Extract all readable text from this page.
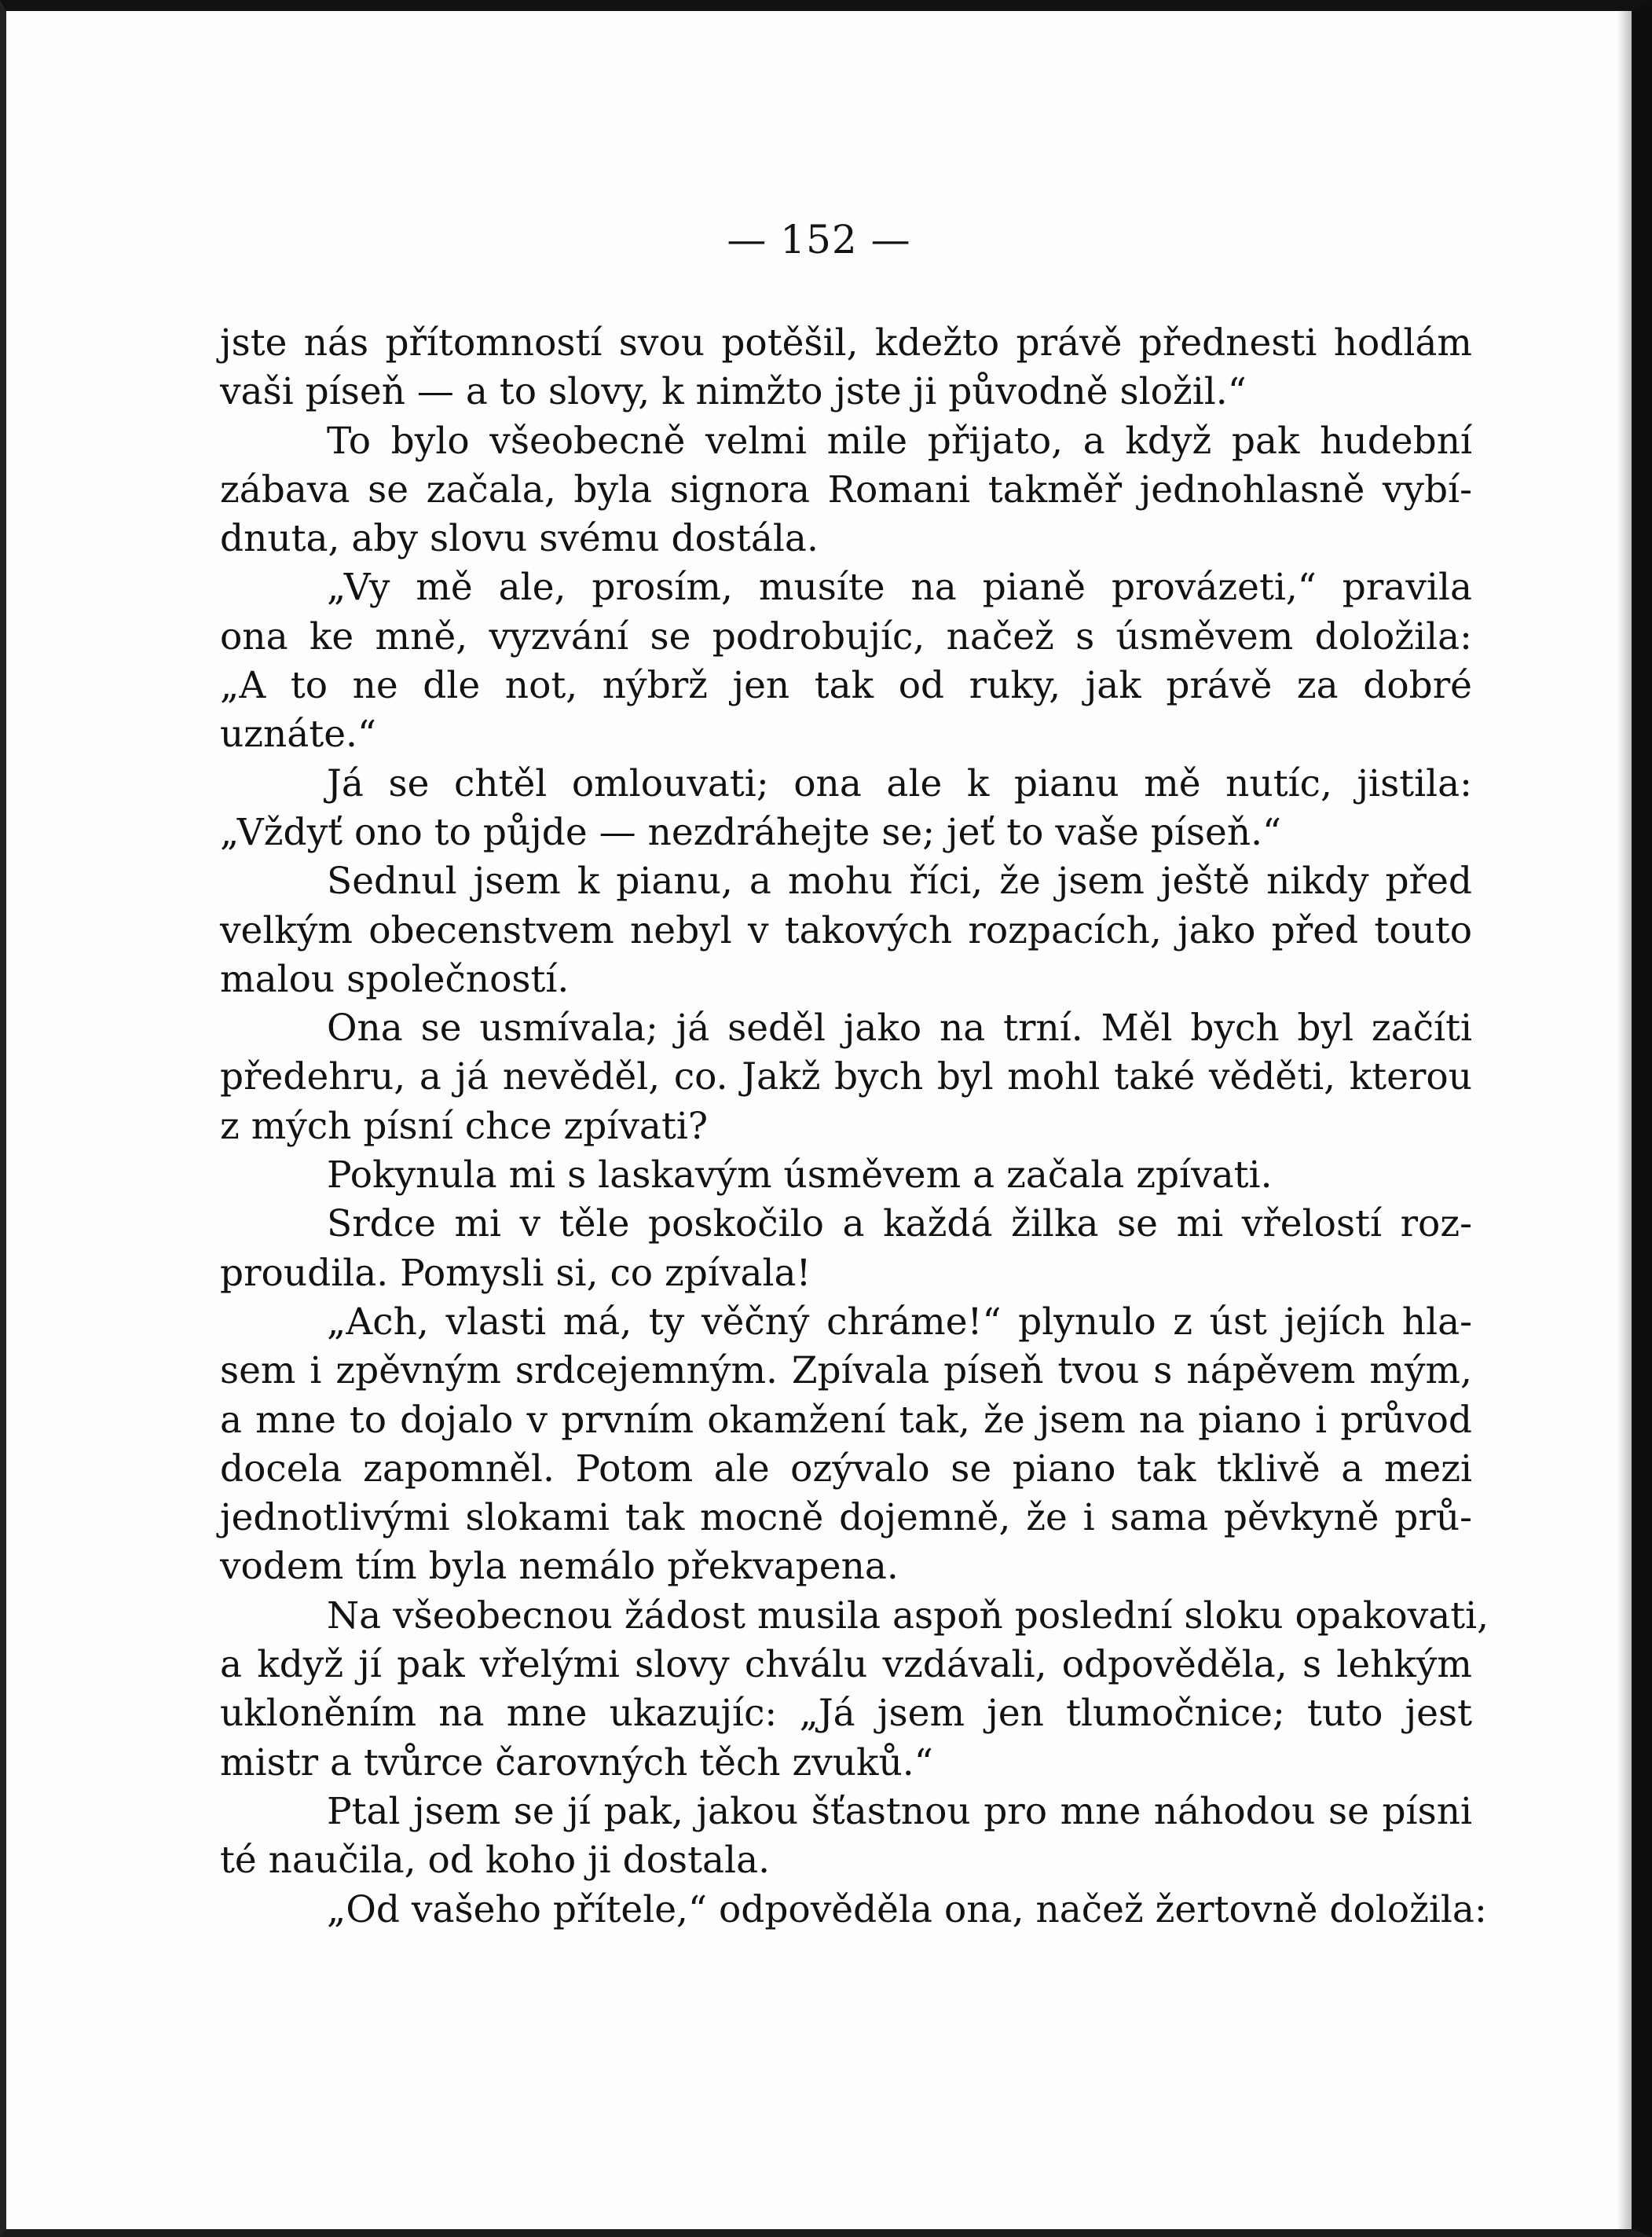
— 152 —
jste nás přítomností svou potěšil, kdežto právě přednesti hodlám
vaši píseň — a to slovy, k nimžto jste ji původně složil.“
To bylo všeobecně velmi mile přijato, a když pak hudební
zábava se začala, byla signora Romani takměř jednohlasně vybí-
dnuta, aby slovu svému dostála.
„Vy mě ale, prosím, musíte na pianě provázeti,“ pravila
ona ke mně, vyzvání se podrobujíc, načež s úsměvem doložila:
„A to ne dle not, nýbrž jen tak od ruky, jak právě za dobré
uznáte.“
Já se chtěl omlouvati; ona ale k pianu mě nutíc, jistila:
„Vždyť ono to půjde — nezdráhejte se; jeť to vaše píseň.“
Sednul jsem k pianu, a mohu říci, že jsem ještě nikdy před
velkým obecenstvem nebyl v takových rozpacích, jako před touto
malou společností.
Ona se usmívala; já seděl jako na trní. Měl bych byl začíti
předehru, a já nevěděl, co. Jakž bych byl mohl také věděti, kterou
z mých písní chce zpívati?
Pokynula mi s laskavým úsměvem a začala zpívati.
Srdce mi v těle poskočilo a každá žilka se mi vřelostí roz-
proudila. Pomysli si, co zpívala!
„Ach, vlasti má, ty věčný chráme!“ plynulo z úst jejích hla-
sem i zpěvným srdcejemným. Zpívala píseň tvou s nápěvem mým,
a mne to dojalo v prvním okamžení tak, že jsem na piano i průvod
docela zapomněl. Potom ale ozývalo se piano tak tklivě a mezi
jednotlivými slokami tak mocně dojemně, že i sama pěvkyně prů-
vodem tím byla nemálo překvapena.
Na všeobecnou žádost musila aspoň poslední sloku opakovati,
a když jí pak vřelými slovy chválu vzdávali, odpověděla, s lehkým
ukloněním na mne ukazujíc: „Já jsem jen tlumočnice; tuto jest
mistr a tvůrce čarovných těch zvuků.“
Ptal jsem se jí pak, jakou šťastnou pro mne náhodou se písni
té naučila, od koho ji dostala.
„Od vašeho přítele,“ odpověděla ona, načež žertovně doložila:
